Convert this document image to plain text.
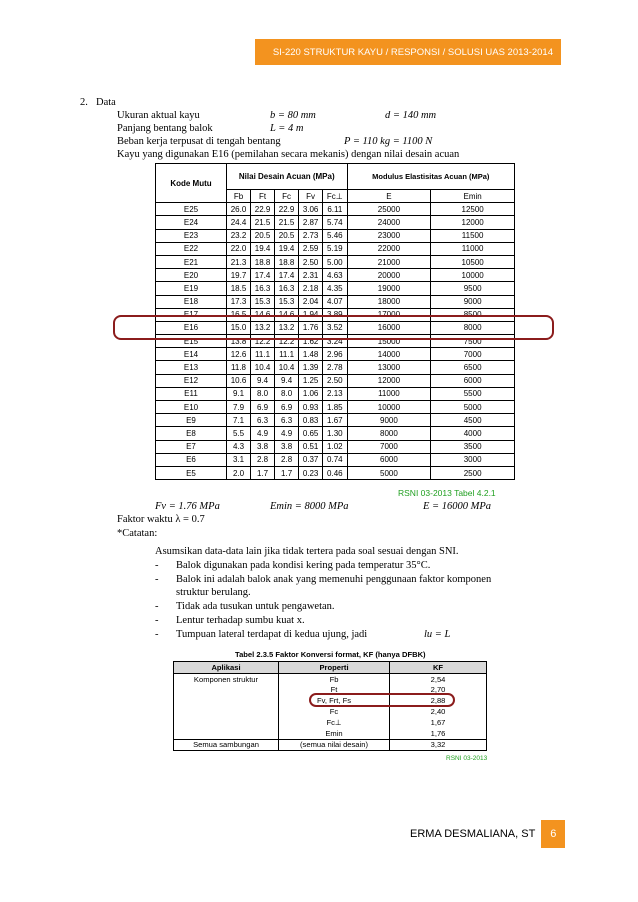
SI-220 STRUKTUR KAYU / RESPONSI / SOLUSI UAS 2013-2014
2. Data
Ukuran aktual kayu	b = 80 mm	d = 140 mm
Panjang bentang balok	L = 4 m
Beban kerja terpusat di tengah bentang	P = 110 kg = 1100 N
Kayu yang digunakan E16 (pemilahan secara mekanis) dengan nilai desain acuan
Kode Mutu	Nilai Desain Acuan (MPa)					Modulus Elastisitas Acuan (MPa)	
	Fb	Ft	Fc	Fv	Fc⊥	E	Emin
E25	26.0	22.9	22.9	3.06	6.11	25000	12500
E24	24.4	21.5	21.5	2.87	5.74	24000	12000
E23	23.2	20.5	20.5	2.73	5.46	23000	11500
E22	22.0	19.4	19.4	2.59	5.19	22000	11000
E21	21.3	18.8	18.8	2.50	5.00	21000	10500
E20	19.7	17.4	17.4	2.31	4.63	20000	10000
E19	18.5	16.3	16.3	2.18	4.35	19000	9500
E18	17.3	15.3	15.3	2.04	4.07	18000	9000
E17	16.5	14.6	14.6	1.94	3.89	17000	8500
E16	15.0	13.2	13.2	1.76	3.52	16000	8000
E15	13.8	12.2	12.2	1.62	3.24	15000	7500
E14	12.6	11.1	11.1	1.48	2.96	14000	7000
E13	11.8	10.4	10.4	1.39	2.78	13000	6500
E12	10.6	9.4	9.4	1.25	2.50	12000	6000
E11	9.1	8.0	8.0	1.06	2.13	11000	5500
E10	7.9	6.9	6.9	0.93	1.85	10000	5000
E9	7.1	6.3	6.3	0.83	1.67	9000	4500
E8	5.5	4.9	4.9	0.65	1.30	8000	4000
E7	4.3	3.8	3.8	0.51	1.02	7000	3500
E6	3.1	2.8	2.8	0.37	0.74	6000	3000
E5	2.0	1.7	1.7	0.23	0.46	5000	2500
RSNI 03-2013 Tabel 4.2.1
Fv = 1.76 MPa	Emin = 8000 MPa	E = 16000 MPa
Faktor waktu λ = 0.7
*Catatan:
Asumsikan data-data lain jika tidak tertera pada soal sesuai dengan SNI.
- Balok digunakan pada kondisi kering pada temperatur 35°C.
- Balok ini adalah balok anak yang memenuhi penggunaan faktor komponen
struktur berulang.
- Tidak ada tusukan untuk pengawetan.
- Lentur terhadap sumbu kuat x.
- Tumpuan lateral terdapat di kedua ujung, jadi	lu = L
Tabel 2.3.5 Faktor Konversi format, KF (hanya DFBK)
Aplikasi	Properti	KF
Komponen struktur	Fb	2,54
	Ft	2,70
	Fv, Frt, Fs	2,88
	Fc	2,40
	Fc⊥	1,67
	Emin	1,76
Semua sambungan	(semua nilai desain)	3,32
RSNI 03-2013
ERMA DESMALIANA, ST	6
